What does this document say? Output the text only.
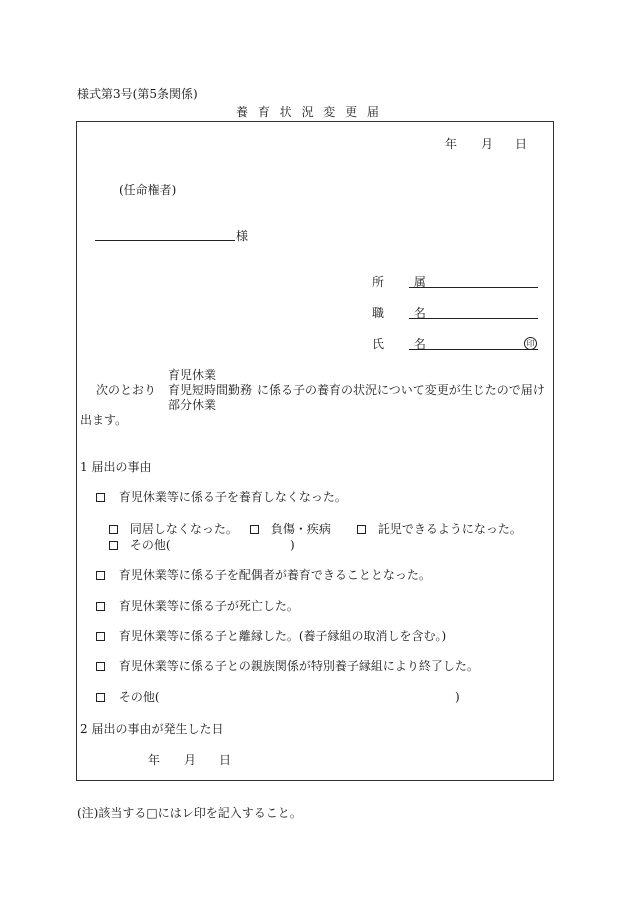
様式第3号(第5条関係)
養 育 状 況 変 更 届
年 月 日
(任命権者)
様
所 属
職 名
氏 名	印
育児休業
次のとおり 育児短時間勤務 に係る子の養育の状況について変更が生じたので届け
部分休業
出ます。
1 届出の事由
育児休業等に係る子を養育しなくなった。
同居しなくなった。	負傷・疾病	託児できるようになった。
その他(	)
育児休業等に係る子を配偶者が養育できることとなった。
育児休業等に係る子が死亡した。
育児休業等に係る子と離縁した。(養子縁組の取消しを含む。)
育児休業等に係る子との親族関係が特別養子縁組により終了した。
その他(	)
2 届出の事由が発生した日
年 月 日
(注)該当する□にはレ印を記入すること。
